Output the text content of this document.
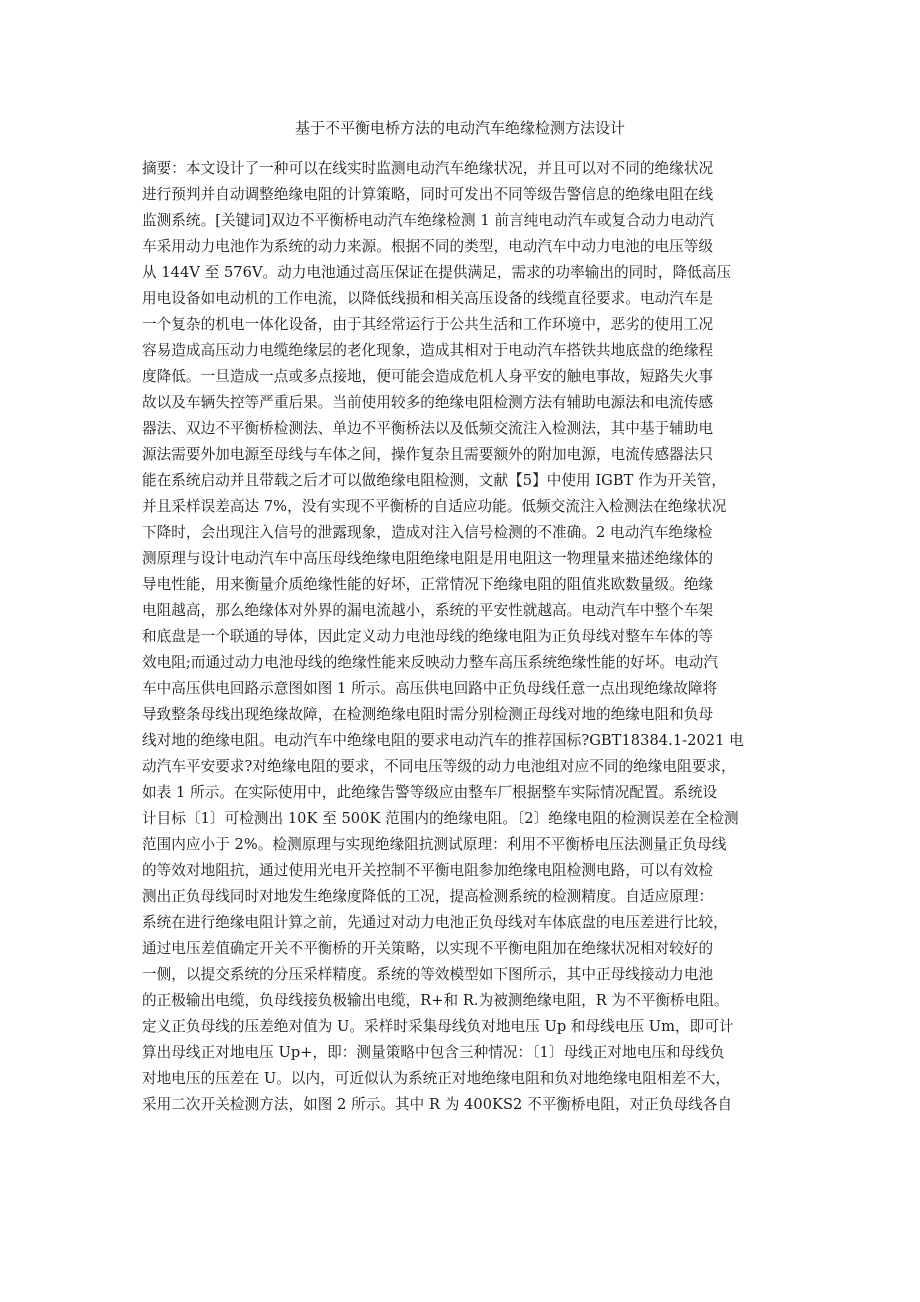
基于不平衡电桥方法的电动汽车绝缘检测方法设计
摘要：本文设计了一种可以在线实时监测电动汽车绝缘状况，并且可以对不同的绝缘状况
进行预判并自动调整绝缘电阻的计算策略，同时可发出不同等级告警信息的绝缘电阻在线
监测系统。[关键词]双边不平衡桥电动汽车绝缘检测 1 前言纯电动汽车或复合动力电动汽
车采用动力电池作为系统的动力来源。根据不同的类型，电动汽车中动力电池的电压等级
从 144V 至 576V。动力电池通过高压保证在提供满足，需求的功率输出的同时，降低高压
用电设备如电动机的工作电流，以降低线损和相关高压设备的线缆直径要求。电动汽车是
一个复杂的机电一体化设备，由于其经常运行于公共生活和工作环境中，恶劣的使用工况
容易造成高压动力电缆绝缘层的老化现象，造成其相对于电动汽车搭铁共地底盘的绝缘程
度降低。一旦造成一点或多点接地，便可能会造成危机人身平安的触电事故，短路失火事
故以及车辆失控等严重后果。当前使用较多的绝缘电阻检测方法有辅助电源法和电流传感
器法、双边不平衡桥检测法、单边不平衡桥法以及低频交流注入检测法，其中基于辅助电
源法需要外加电源至母线与车体之间，操作复杂且需要额外的附加电源，电流传感器法只
能在系统启动并且带载之后才可以做绝缘电阻检测，文献【5】中使用 IGBT 作为开关管，
并且采样误差高达 7%，没有实现不平衡桥的自适应功能。低频交流注入检测法在绝缘状况
下降时，会出现注入信号的泄露现象，造成对注入信号检测的不准确。2 电动汽车绝缘检
测原理与设计电动汽车中高压母线绝缘电阻绝缘电阻是用电阻这一物理量来描述绝缘体的
导电性能，用来衡量介质绝缘性能的好坏，正常情况下绝缘电阻的阻值兆欧数量级。绝缘
电阻越高，那么绝缘体对外界的漏电流越小，系统的平安性就越高。电动汽车中整个车架
和底盘是一个联通的导体，因此定义动力电池母线的绝缘电阻为正负母线对整车车体的等
效电阻;而通过动力电池母线的绝缘性能来反映动力整车高压系统绝缘性能的好坏。电动汽
车中高压供电回路示意图如图 1 所示。高压供电回路中正负母线任意一点出现绝缘故障将
导致整条母线出现绝缘故障，在检测绝缘电阻时需分别检测正母线对地的绝缘电阻和负母
线对地的绝缘电阻。电动汽车中绝缘电阻的要求电动汽车的推荐国标?GBT18384.1-2021 电
动汽车平安要求?对绝缘电阻的要求，不同电压等级的动力电池组对应不同的绝缘电阻要求，
如表 1 所示。在实际使用中，此绝缘告警等级应由整车厂根据整车实际情况配置。系统设
计目标〔1〕可检测出 10K 至 500K 范围内的绝缘电阻。〔2〕绝缘电阻的检测误差在全检测
范围内应小于 2%。检测原理与实现绝缘阻抗测试原理：利用不平衡桥电压法测量正负母线
的等效对地阻抗，通过使用光电开关控制不平衡电阻参加绝缘电阻检测电路，可以有效检
测出正负母线同时对地发生绝缘度降低的工况，提高检测系统的检测精度。自适应原理：
系统在进行绝缘电阻计算之前，先通过对动力电池正负母线对车体底盘的电压差进行比较，
通过电压差值确定开关不平衡桥的开关策略，以实现不平衡电阻加在绝缘状况相对较好的
一侧，以提交系统的分压采样精度。系统的等效模型如下图所示，其中正母线接动力电池
的正极输出电缆，负母线接负极输出电缆，R+和 R.为被测绝缘电阻，R 为不平衡桥电阻。
定义正负母线的压差绝对值为 U。采样时采集母线负对地电压 Up 和母线电压 Um，即可计
算出母线正对地电压 Up+，即：测量策略中包含三种情况：〔1〕母线正对地电压和母线负
对地电压的压差在 U。以内，可近似认为系统正对地绝缘电阻和负对地绝缘电阻相差不大，
采用二次开关检测方法，如图 2 所示。其中 R 为 400KS2 不平衡桥电阻，对正负母线各自
